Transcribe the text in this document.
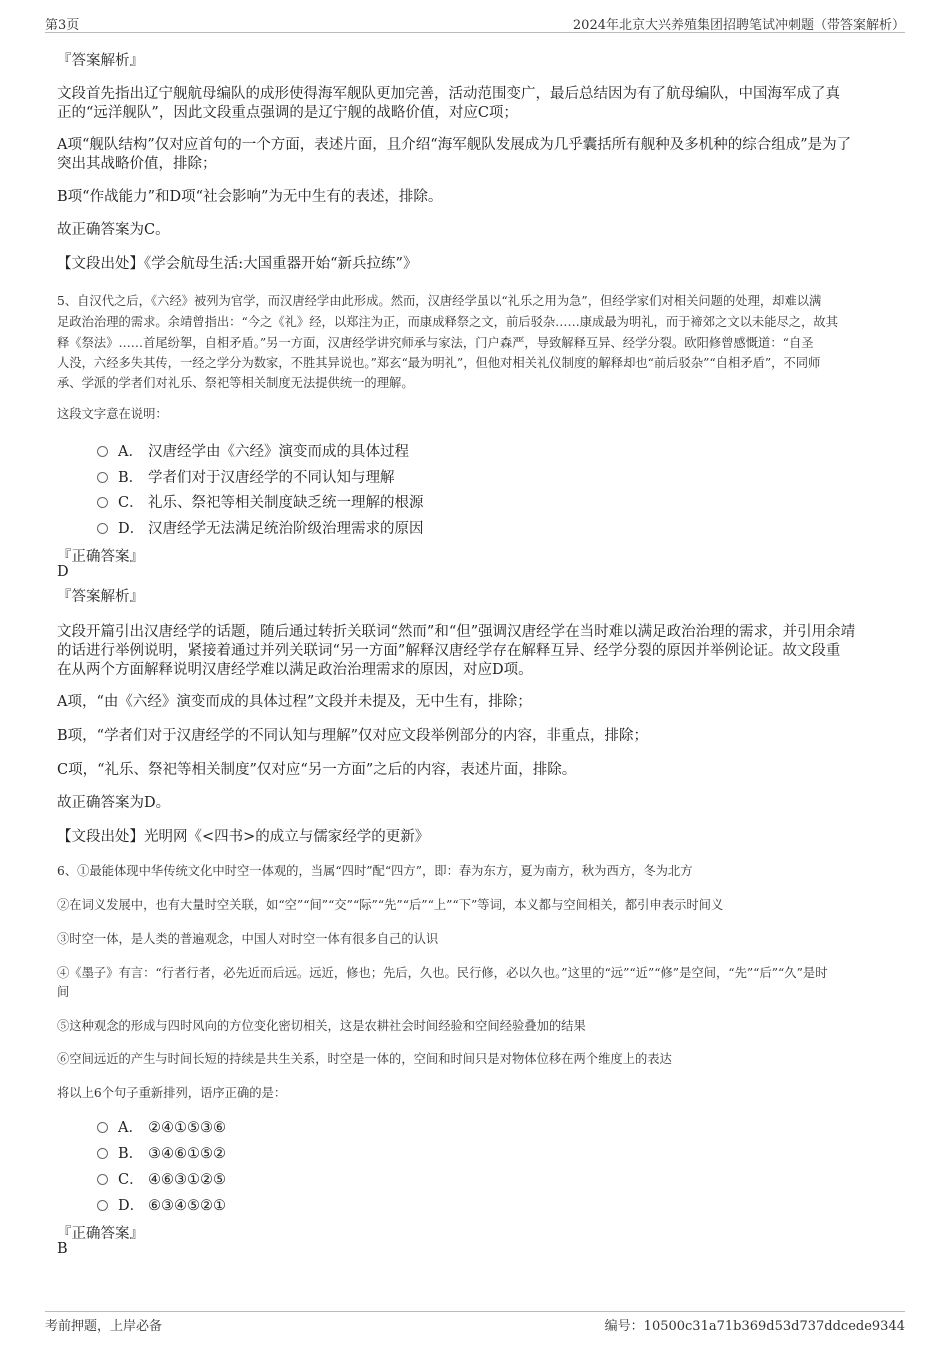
第3页	2024年北京大兴养殖集团招聘笔试冲刺题（带答案解析）
『答案解析』
文段首先指出辽宁舰航母编队的成形使得海军舰队更加完善，活动范围变广，最后总结因为有了航母编队，中国海军成了真
正的“远洋舰队”，因此文段重点强调的是辽宁舰的战略价值，对应C项；
A项“舰队结构”仅对应首句的一个方面，表述片面，且介绍“海军舰队发展成为几乎囊括所有舰种及多机种的综合组成”是为了
突出其战略价值，排除；
B项“作战能力”和D项“社会影响”为无中生有的表述，排除。
故正确答案为C。
【文段出处】《学会航母生活:大国重器开始“新兵拉练”》
5、自汉代之后，《六经》被列为官学，而汉唐经学由此形成。然而，汉唐经学虽以“礼乐之用为急”，但经学家们对相关问题的处理，却难以满
足政治治理的需求。余靖曾指出：“今之《礼》经，以郑注为正，而康成释祭之文，前后驳杂……康成最为明礼，而于禘郊之文以未能尽之，故其
释《祭法》……首尾纷挐，自相矛盾。”另一方面，汉唐经学讲究师承与家法，门户森严，导致解释互异、经学分裂。欧阳修曾感慨道：“自圣
人没，六经多失其传，一经之学分为数家，不胜其异说也。”郑玄“最为明礼”，但他对相关礼仪制度的解释却也“前后驳杂”“自相矛盾”，不同师
承、学派的学者们对礼乐、祭祀等相关制度无法提供统一的理解。
这段文字意在说明：
A． 汉唐经学由《六经》演变而成的具体过程
B． 学者们对于汉唐经学的不同认知与理解
C． 礼乐、祭祀等相关制度缺乏统一理解的根源
D． 汉唐经学无法满足统治阶级治理需求的原因
『正确答案』
D
『答案解析』
文段开篇引出汉唐经学的话题，随后通过转折关联词“然而”和“但”强调汉唐经学在当时难以满足政治治理的需求，并引用余靖
的话进行举例说明，紧接着通过并列关联词“另一方面”解释汉唐经学存在解释互异、经学分裂的原因并举例论证。故文段重
在从两个方面解释说明汉唐经学难以满足政治治理需求的原因，对应D项。
A项，“由《六经》演变而成的具体过程”文段并未提及，无中生有，排除；
B项，“学者们对于汉唐经学的不同认知与理解”仅对应文段举例部分的内容，非重点，排除；
C项，“礼乐、祭祀等相关制度”仅对应“另一方面”之后的内容，表述片面，排除。
故正确答案为D。
【文段出处】光明网《<四书>的成立与儒家经学的更新》
6、①最能体现中华传统文化中时空一体观的，当属“四时”配“四方”，即：春为东方，夏为南方，秋为西方，冬为北方
②在词义发展中，也有大量时空关联，如“空”“间”“交”“际”“先”“后”“上”“下”等词，本义都与空间相关，都引申表示时间义
③时空一体，是人类的普遍观念，中国人对时空一体有很多自己的认识
④《墨子》有言：“行者行者，必先近而后远。远近，修也；先后，久也。民行修，必以久也。”这里的“远”“近”“修”是空间，“先”“后”“久”是时
间
⑤这种观念的形成与四时风向的方位变化密切相关，这是农耕社会时间经验和空间经验叠加的结果
⑥空间远近的产生与时间长短的持续是共生关系，时空是一体的，空间和时间只是对物体位移在两个维度上的表达
将以上6个句子重新排列，语序正确的是：
A． ②④①⑤③⑥
B． ③④⑥①⑤②
C． ④⑥③①②⑤
D． ⑥③④⑤②①
『正确答案』
B
考前押题，上岸必备	编号：10500c31a71b369d53d737ddcede9344
